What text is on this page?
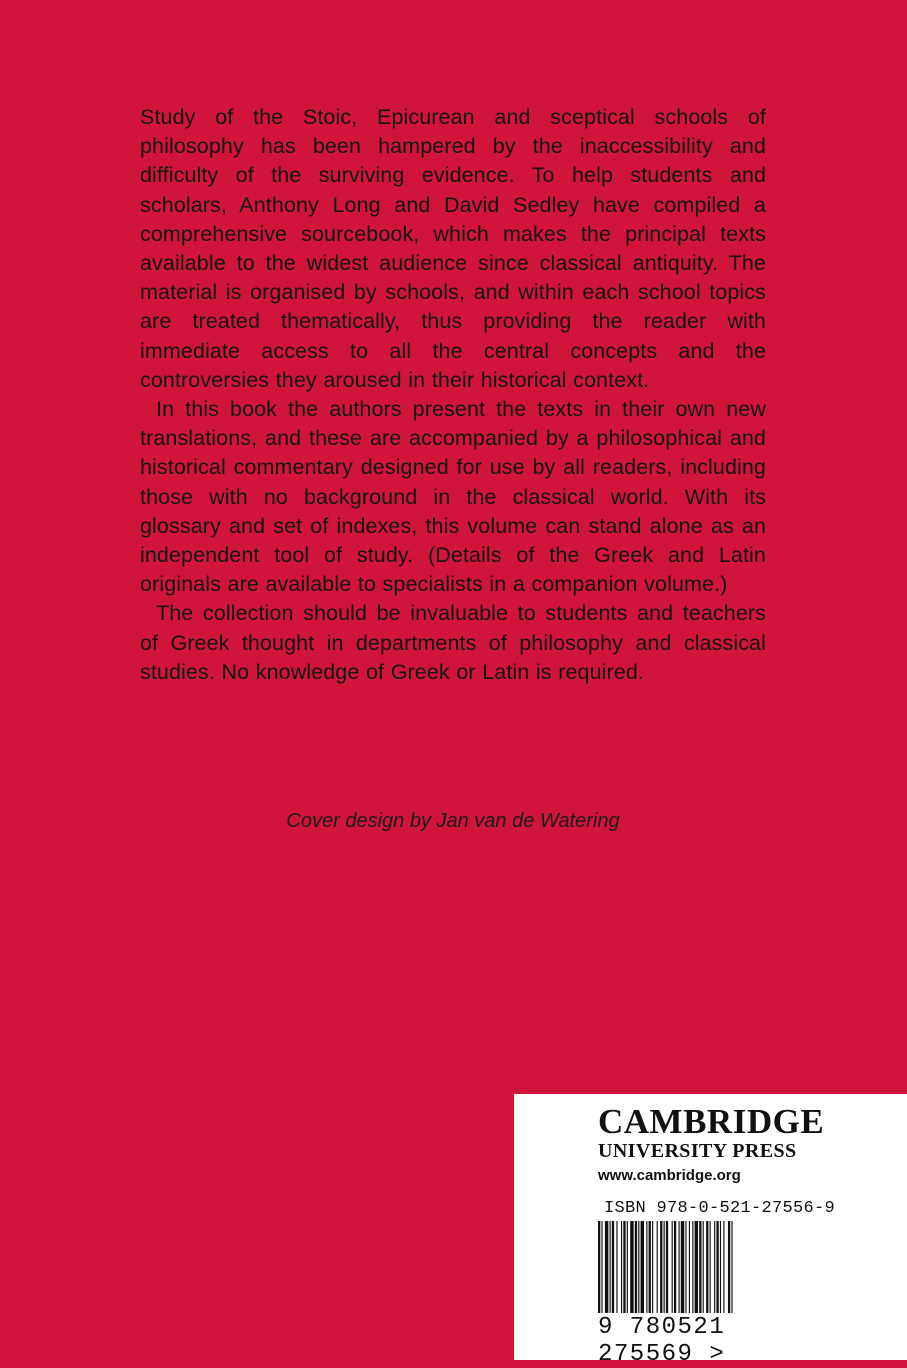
Study of the Stoic, Epicurean and sceptical schools of philosophy has been hampered by the inaccessibility and difficulty of the surviving evidence. To help students and scholars, Anthony Long and David Sedley have compiled a comprehensive sourcebook, which makes the principal texts available to the widest audience since classical antiquity. The material is organised by schools, and within each school topics are treated thematically, thus providing the reader with immediate access to all the central concepts and the controversies they aroused in their historical context.

In this book the authors present the texts in their own new translations, and these are accompanied by a philosophical and historical commentary designed for use by all readers, including those with no background in the classical world. With its glossary and set of indexes, this volume can stand alone as an independent tool of study. (Details of the Greek and Latin originals are available to specialists in a companion volume.)

The collection should be invaluable to students and teachers of Greek thought in departments of philosophy and classical studies. No knowledge of Greek or Latin is required.

Cover design by Jan van de Watering
CAMBRIDGE
UNIVERSITY PRESS
www.cambridge.org
ISBN 978-0-521-27556-9
9 780521 275569 >
